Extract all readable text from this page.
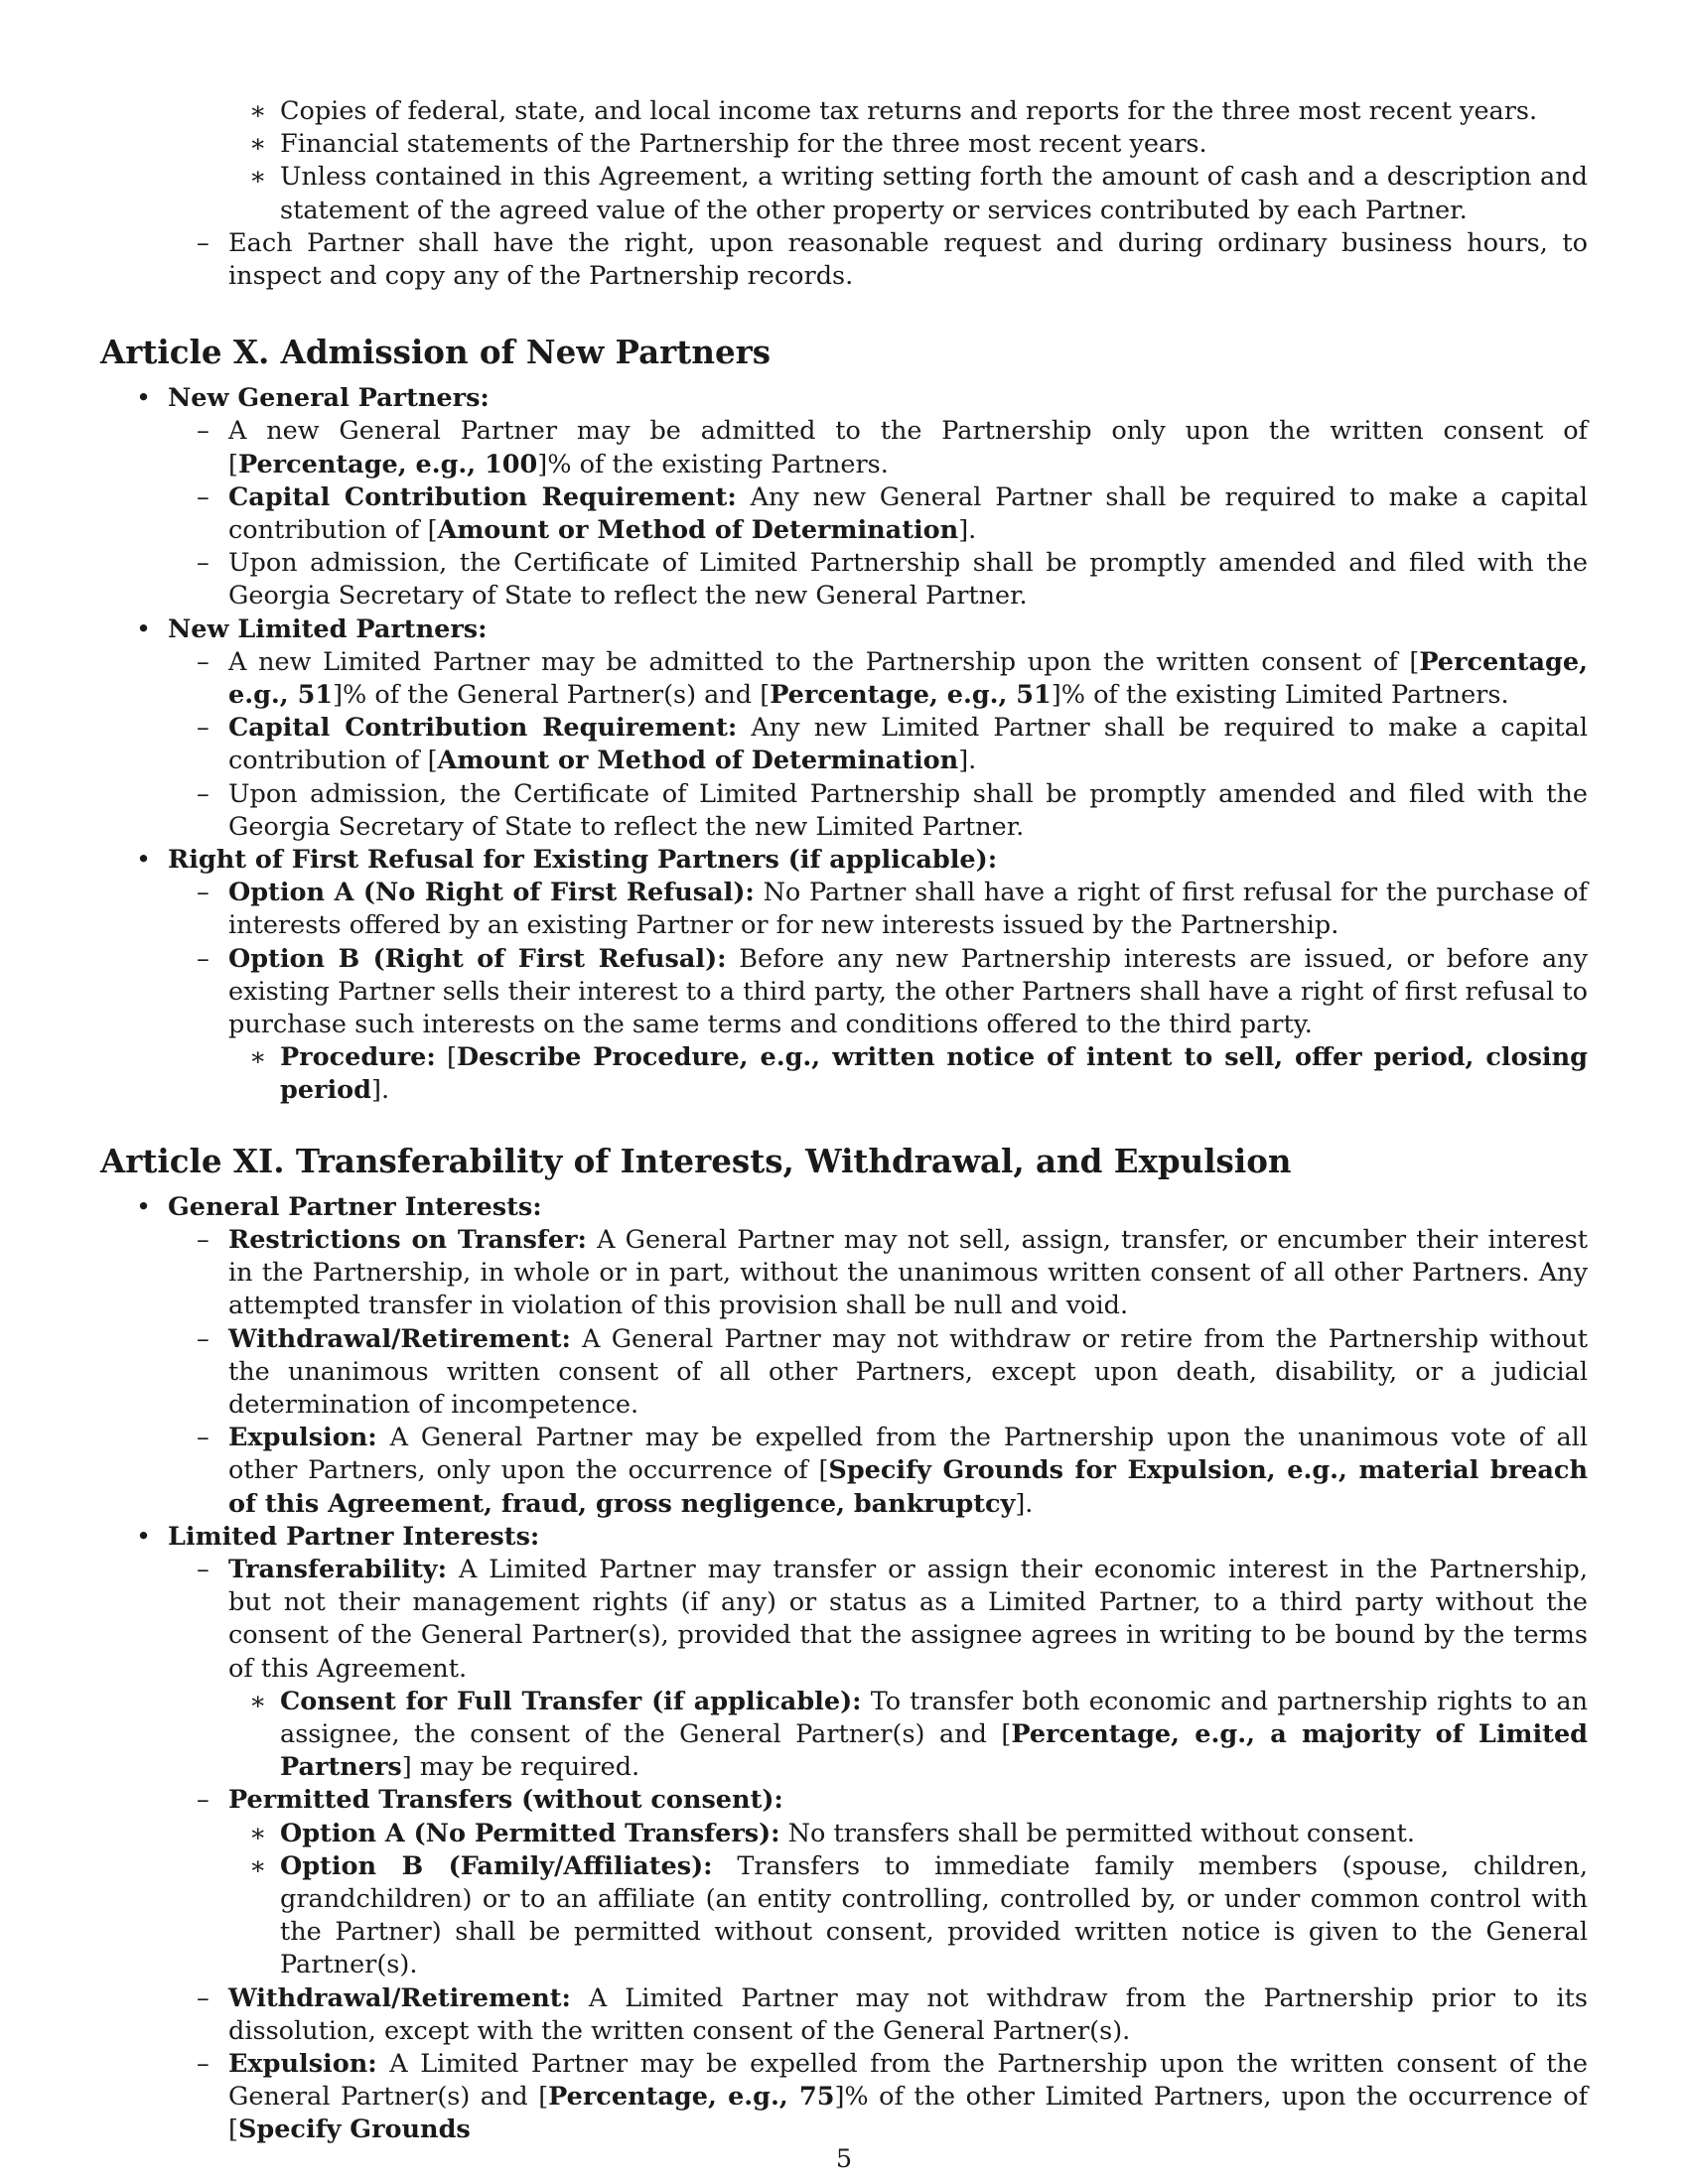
∗ Copies of federal, state, and local income tax returns and reports for the three most recent years.
∗ Financial statements of the Partnership for the three most recent years.
∗ Unless contained in this Agreement, a writing setting forth the amount of cash and a description and statement of the agreed value of the other property or services contributed by each Partner.
– Each Partner shall have the right, upon reasonable request and during ordinary business hours, to inspect and copy any of the Partnership records.
Article X. Admission of New Partners
• New General Partners:
– A new General Partner may be admitted to the Partnership only upon the written consent of [Percentage, e.g., 100]% of the existing Partners.
– Capital Contribution Requirement: Any new General Partner shall be required to make a capital contribution of [Amount or Method of Determination].
– Upon admission, the Certificate of Limited Partnership shall be promptly amended and filed with the Georgia Secretary of State to reflect the new General Partner.
• New Limited Partners:
– A new Limited Partner may be admitted to the Partnership upon the written consent of [Percentage, e.g., 51]% of the General Partner(s) and [Percentage, e.g., 51]% of the existing Limited Partners.
– Capital Contribution Requirement: Any new Limited Partner shall be required to make a capital contribution of [Amount or Method of Determination].
– Upon admission, the Certificate of Limited Partnership shall be promptly amended and filed with the Georgia Secretary of State to reflect the new Limited Partner.
• Right of First Refusal for Existing Partners (if applicable):
– Option A (No Right of First Refusal): No Partner shall have a right of first refusal for the purchase of interests offered by an existing Partner or for new interests issued by the Partnership.
– Option B (Right of First Refusal): Before any new Partnership interests are issued, or before any existing Partner sells their interest to a third party, the other Partners shall have a right of first refusal to purchase such interests on the same terms and conditions offered to the third party.
∗ Procedure: [Describe Procedure, e.g., written notice of intent to sell, offer period, closing period].
Article XI. Transferability of Interests, Withdrawal, and Expulsion
• General Partner Interests:
– Restrictions on Transfer: A General Partner may not sell, assign, transfer, or encumber their interest in the Partnership, in whole or in part, without the unanimous written consent of all other Partners. Any attempted transfer in violation of this provision shall be null and void.
– Withdrawal/Retirement: A General Partner may not withdraw or retire from the Partnership without the unanimous written consent of all other Partners, except upon death, disability, or a judicial determination of incompetence.
– Expulsion: A General Partner may be expelled from the Partnership upon the unanimous vote of all other Partners, only upon the occurrence of [Specify Grounds for Expulsion, e.g., material breach of this Agreement, fraud, gross negligence, bankruptcy].
• Limited Partner Interests:
– Transferability: A Limited Partner may transfer or assign their economic interest in the Partnership, but not their management rights (if any) or status as a Limited Partner, to a third party without the consent of the General Partner(s), provided that the assignee agrees in writing to be bound by the terms of this Agreement.
∗ Consent for Full Transfer (if applicable): To transfer both economic and partnership rights to an assignee, the consent of the General Partner(s) and [Percentage, e.g., a majority of Limited Partners] may be required.
– Permitted Transfers (without consent):
∗ Option A (No Permitted Transfers): No transfers shall be permitted without consent.
∗ Option B (Family/Affiliates): Transfers to immediate family members (spouse, children, grandchildren) or to an affiliate (an entity controlling, controlled by, or under common control with the Partner) shall be permitted without consent, provided written notice is given to the General Partner(s).
– Withdrawal/Retirement: A Limited Partner may not withdraw from the Partnership prior to its dissolution, except with the written consent of the General Partner(s).
– Expulsion: A Limited Partner may be expelled from the Partnership upon the written consent of the General Partner(s) and [Percentage, e.g., 75]% of the other Limited Partners, upon the occurrence of [Specify Grounds
5
